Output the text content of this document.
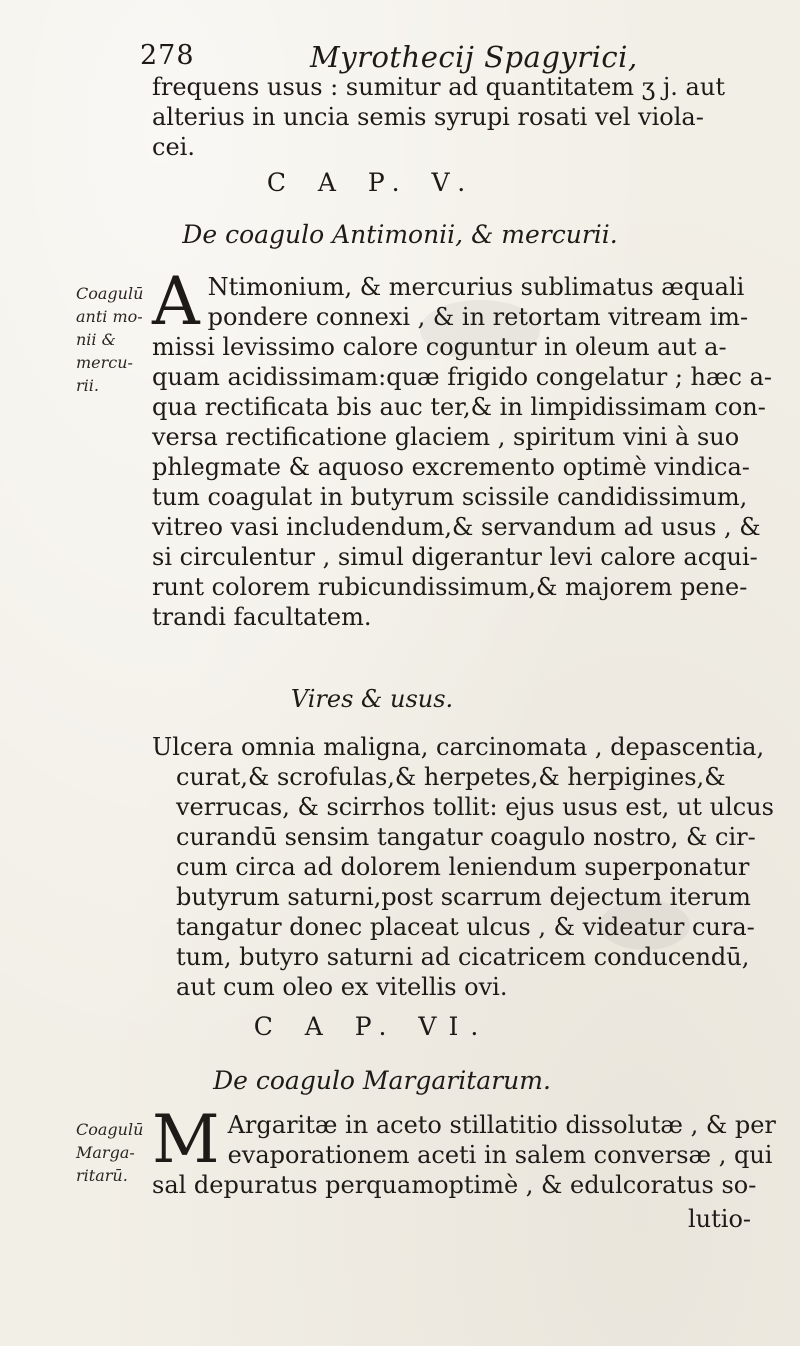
278	Myrothecij Spagyrici,
frequens usus : sumitur ad quantitatem ʒ j. aut
alterius in uncia semis syrupi rosati vel viola-
cei.
C A P. V.
De coagulo Antimonii, & mercurii.
Coagulū
anti mo-
nii &
mercu-
rii.
A Ntimonium, & mercurius sublimatus æquali
pondere connexi , & in retortam vitream im-
missi levissimo calore coguntur in oleum aut a-
quam acidissimam:quæ frigido congelatur ; hæc a-
qua rectificata bis auc ter,& in limpidissimam con-
versa rectificatione glaciem , spiritum vini à suo
phlegmate & aquoso excremento optimè vindica-
tum coagulat in butyrum scissile candidissimum,
vitreo vasi includendum,& servandum ad usus , &
si circulentur , simul digerantur levi calore acqui-
runt colorem rubicundissimum,& majorem pene-
trandi facultatem.
Vires & usus.
Ulcera omnia maligna, carcinomata , depascentia,
curat,& scrofulas,& herpetes,& herpigines,&
verrucas, & scirrhos tollit: ejus usus est, ut ulcus
curandū sensim tangatur coagulo nostro, & cir-
cum circa ad dolorem leniendum superponatur
butyrum saturni,post scarrum dejectum iterum
tangatur donec placeat ulcus , & videatur cura-
tum, butyro saturni ad cicatricem conducendū,
aut cum oleo ex vitellis ovi.
C A P. VI.
De coagulo Margaritarum.
Coagulū
Marga-
ritarū. M Argaritæ in aceto stillatitio dissolutæ , & per
evaporationem aceti in salem conversæ , qui
sal depuratus perquamoptimè , & edulcoratus so-
lutio-
